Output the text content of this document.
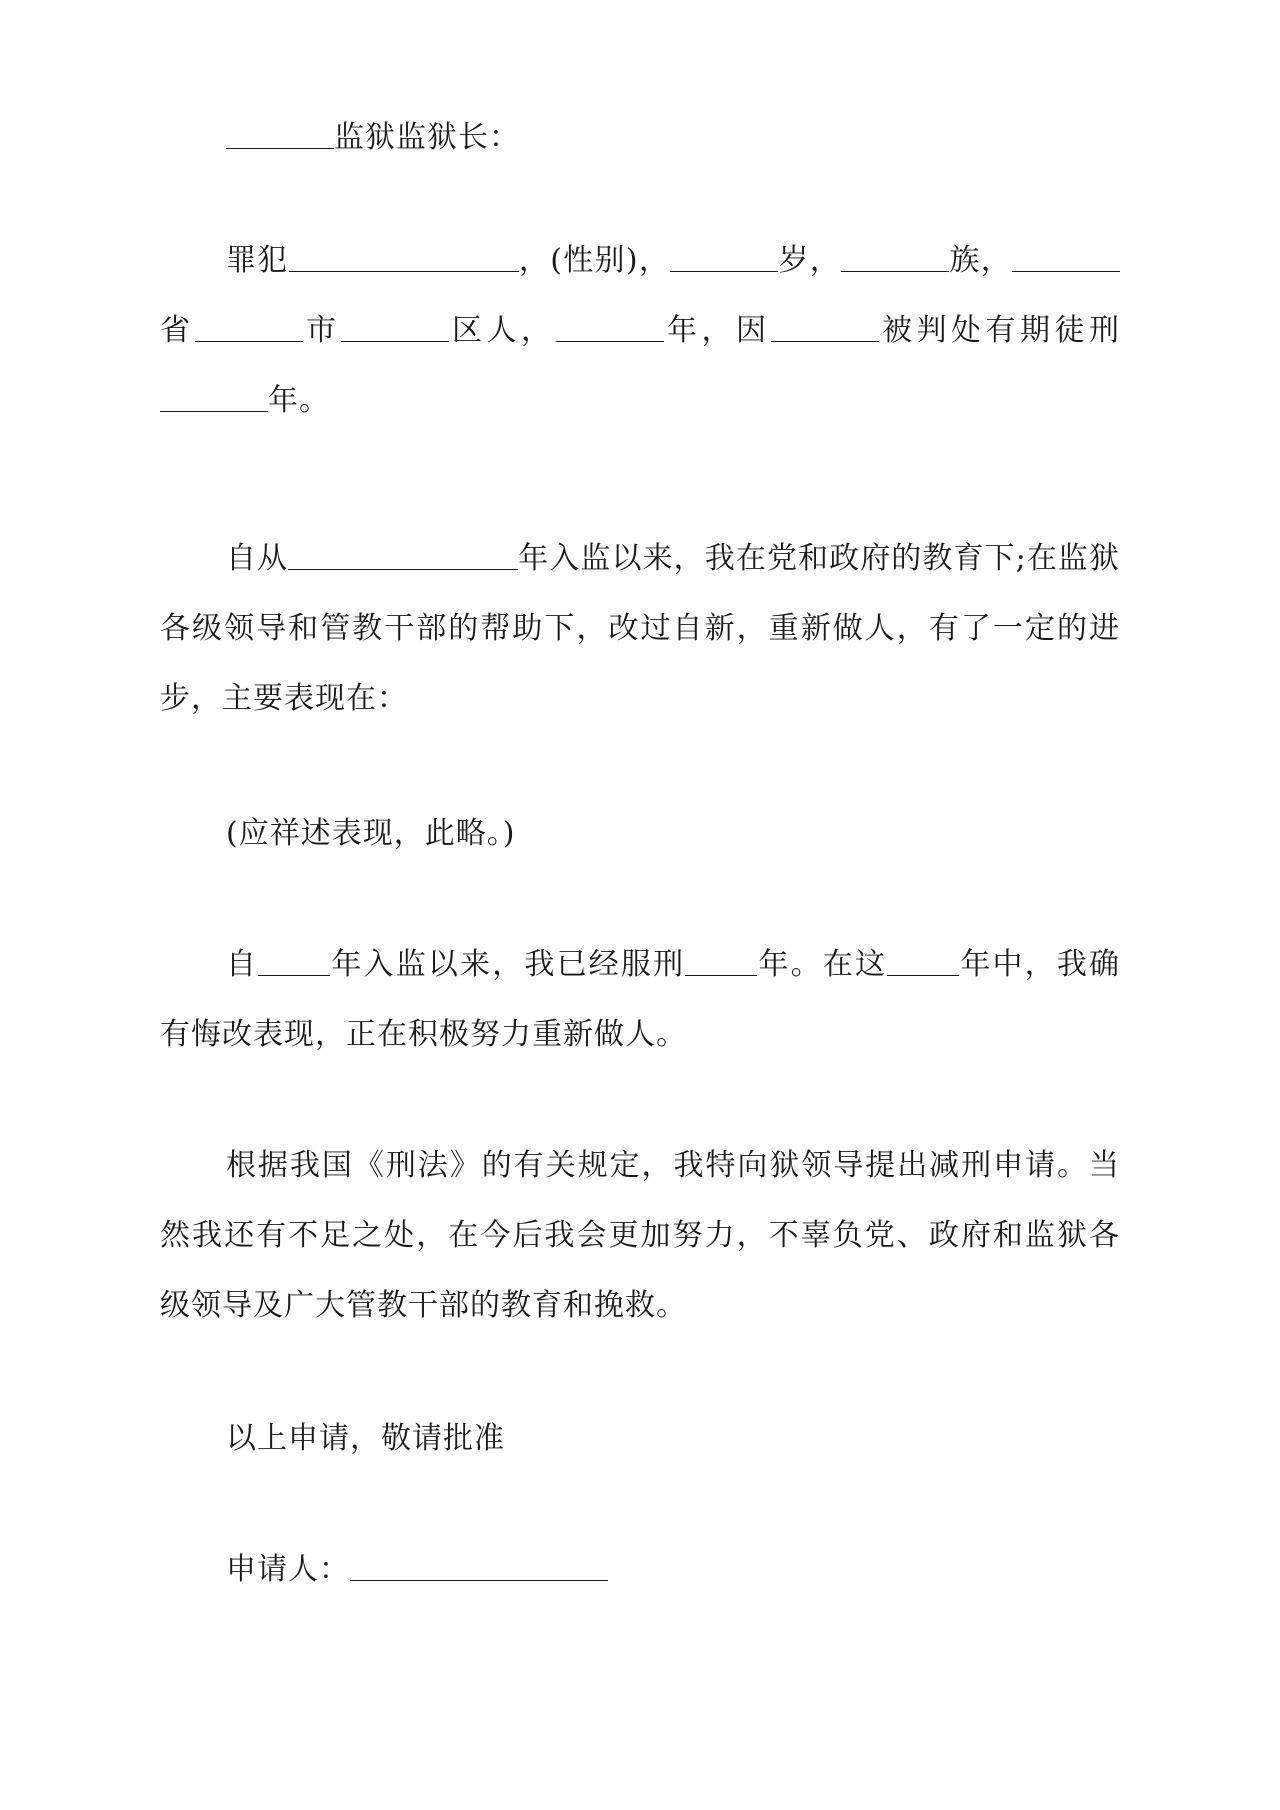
监狱监狱长：

罪犯	，(性别)，	岁，	族，省	市	区人，	年，因	被判处有期徒刑年。

自从	年入监以来，我在党和政府的教育下;在监狱各级领导和管教干部的帮助下，改过自新，重新做人，有了一定的进步，主要表现在：

(应祥述表现，此略。)

自 年入监以来，我已经服刑 年。在这 年中，我确有悔改表现，正在积极努力重新做人。

根据我国《刑法》的有关规定，我特向狱领导提出减刑申请。当然我还有不足之处，在今后我会更加努力，不辜负党、政府和监狱各级领导及广大管教干部的教育和挽救。

以上申请，敬请批准

申请人：
